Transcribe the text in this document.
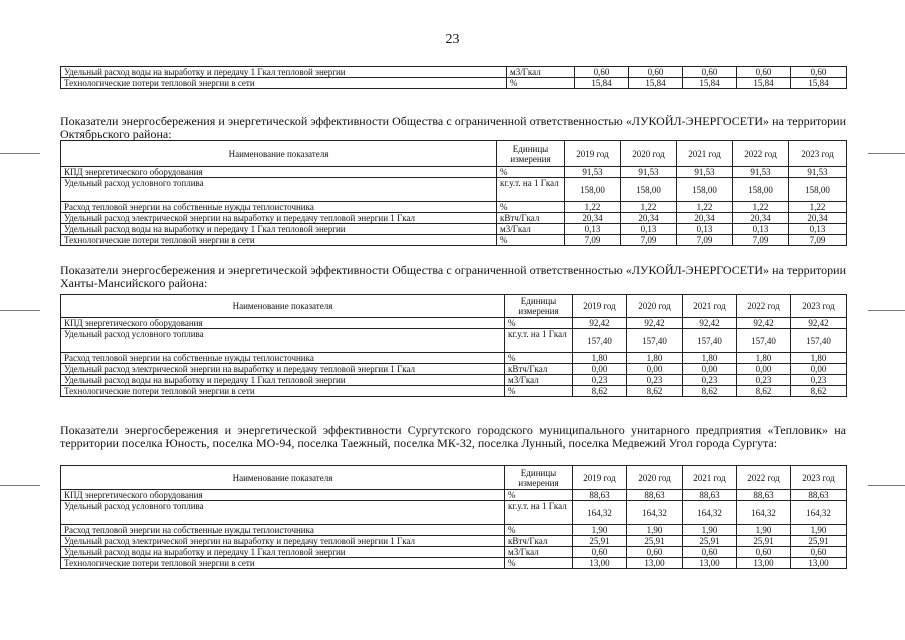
23
Удельный расход воды на выработку и передачу 1 Гкал тепловой энергии	м3/Гкал	0,60	0,60	0,60	0,60	0,60
Технологические потери тепловой энергии в сети	%	15,84	15,84	15,84	15,84	15,84
Показатели энергосбережения и энергетической эффективности Общества с ограниченной ответственностью «ЛУКОЙЛ-ЭНЕРГОСЕТИ» на территории Октябрьского района:
Наименование показателя	Единицы измерения	2019 год	2020 год	2021 год	2022 год	2023 год
КПД энергетического оборудования	%	91,53	91,53	91,53	91,53	91,53
Удельный расход условного топлива	кг.у.т. на 1 Гкал	158,00	158,00	158,00	158,00	158,00
Расход тепловой энергии на собственные нужды теплоисточника	%	1,22	1,22	1,22	1,22	1,22
Удельный расход электрической энергии на выработку и передачу тепловой энергии 1 Гкал	кВтч/Гкал	20,34	20,34	20,34	20,34	20,34
Удельный расход воды на выработку и передачу 1 Гкал тепловой энергии	м3/Гкал	0,13	0,13	0,13	0,13	0,13
Технологические потери тепловой энергии в сети	%	7,09	7,09	7,09	7,09	7,09
Показатели энергосбережения и энергетической эффективности Общества с ограниченной ответственностью «ЛУКОЙЛ-ЭНЕРГОСЕТИ» на территории Ханты-Мансийского района:
Наименование показателя	Единицы измерения	2019 год	2020 год	2021 год	2022 год	2023 год
КПД энергетического оборудования	%	92,42	92,42	92,42	92,42	92,42
Удельный расход условного топлива	кг.у.т. на 1 Гкал	157,40	157,40	157,40	157,40	157,40
Расход тепловой энергии на собственные нужды теплоисточника	%	1,80	1,80	1,80	1,80	1,80
Удельный расход электрической энергии на выработку и передачу тепловой энергии 1 Гкал	кВтч/Гкал	0,00	0,00	0,00	0,00	0,00
Удельный расход воды на выработку и передачу 1 Гкал тепловой энергии	м3/Гкал	0,23	0,23	0,23	0,23	0,23
Технологические потери тепловой энергии в сети	%	8,62	8,62	8,62	8,62	8,62
Показатели энергосбережения и энергетической эффективности Сургутского городского муниципального унитарного предприятия «Тепловик» на территории поселка Юность, поселка МО-94, поселка Таежный, поселка МК-32, поселка Лунный, поселка Медвежий Угол города Сургута:
Наименование показателя	Единицы измерения	2019 год	2020 год	2021 год	2022 год	2023 год
КПД энергетического оборудования	%	88,63	88,63	88,63	88,63	88,63
Удельный расход условного топлива	кг.у.т. на 1 Гкал	164,32	164,32	164,32	164,32	164,32
Расход тепловой энергии на собственные нужды теплоисточника	%	1,90	1,90	1,90	1,90	1,90
Удельный расход электрической энергии на выработку и передачу тепловой энергии 1 Гкал	кВтч/Гкал	25,91	25,91	25,91	25,91	25,91
Удельный расход воды на выработку и передачу 1 Гкал тепловой энергии	м3/Гкал	0,60	0,60	0,60	0,60	0,60
Технологические потери тепловой энергии в сети	%	13,00	13,00	13,00	13,00	13,00
